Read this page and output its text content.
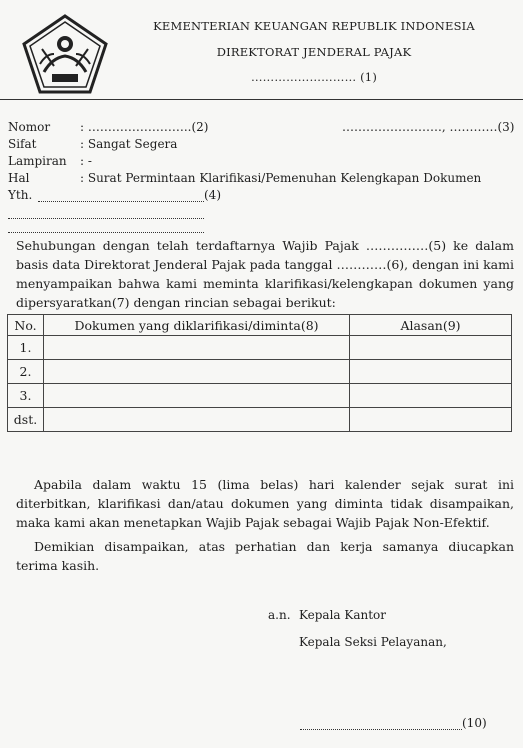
KEMENTERIAN KEUANGAN REPUBLIK INDONESIA
DIREKTORAT JENDERAL PAJAK
……………………… (1)
Nomor : ……………………..(2)	……………………., …………(3)
Sifat	: Sangat Segera
Lampiran : -
Hal	: Surat Permintaan Klarifikasi/Pemenuhan Kelengkapan Dokumen
Yth.	(4)
Sehubungan dengan telah terdaftarnya Wajib Pajak ……………(5) ke dalam basis data Direktorat Jenderal Pajak pada tanggal …………(6), dengan ini kami menyampaikan bahwa kami meminta klarifikasi/kelengkapan dokumen yang dipersyaratkan(7) dengan rincian sebagai berikut:
No.	Dokumen yang diklarifikasi/diminta(8)	Alasan(9)
1.		
2.		
3.		
dst.		
Apabila dalam waktu 15 (lima belas) hari kalender sejak surat ini diterbitkan, klarifikasi dan/atau dokumen yang diminta tidak disampaikan, maka kami akan menetapkan Wajib Pajak sebagai Wajib Pajak Non-Efektif.
Demikian disampaikan, atas perhatian dan kerja samanya diucapkan terima kasih.
a.n. Kepala Kantor
Kepala Seksi Pelayanan,
(10)
